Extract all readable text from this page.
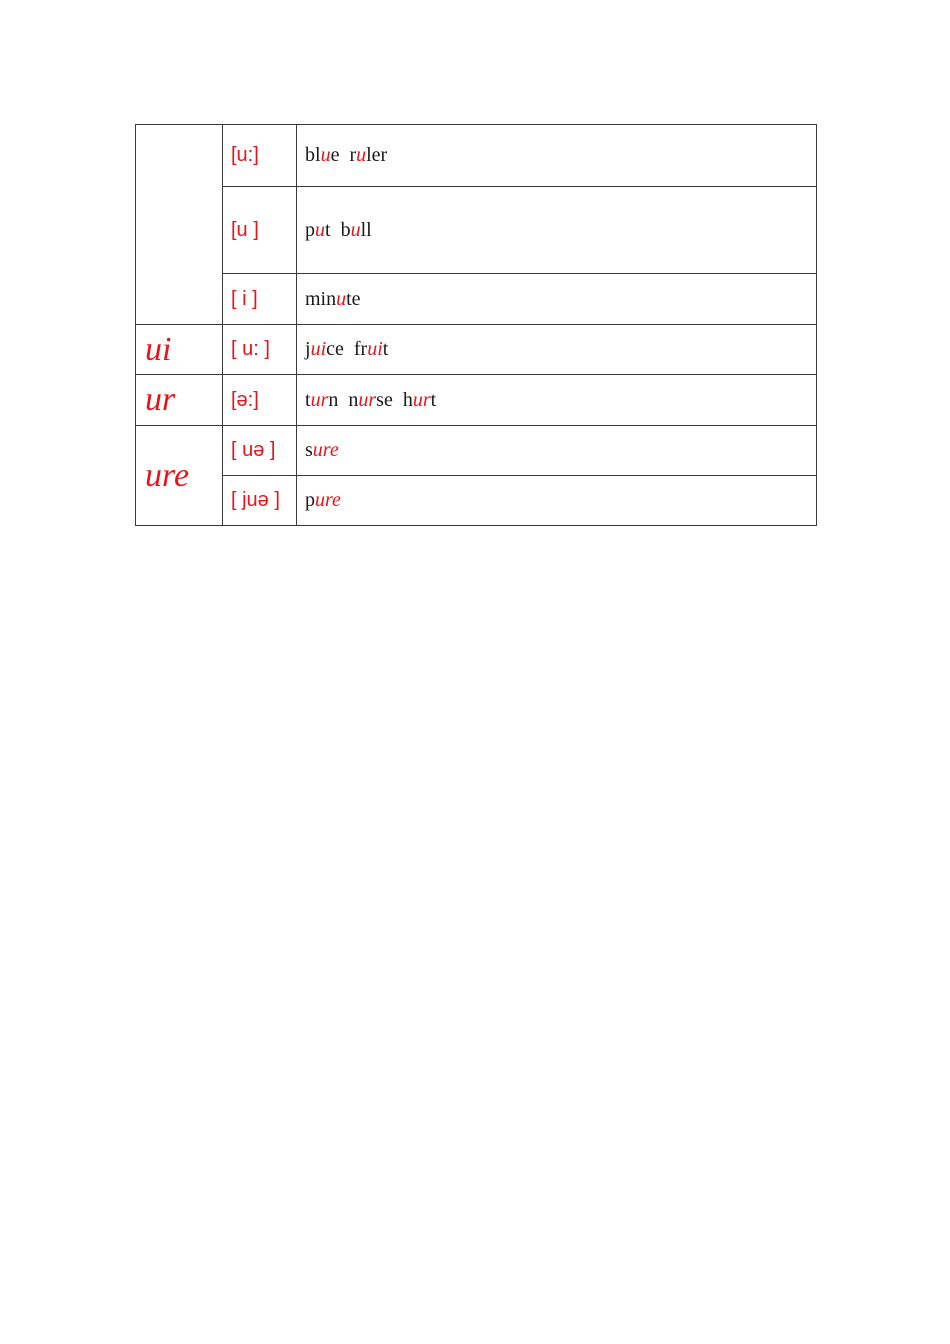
	[u:]	blue ruler
	[u ]	put bull
	[ i ]	minute
ui	[ u: ]	juice fruit
ur	[ə:]	turn nurse hurt
ure	[ uə ]	sure
	[ juə ]	pure
